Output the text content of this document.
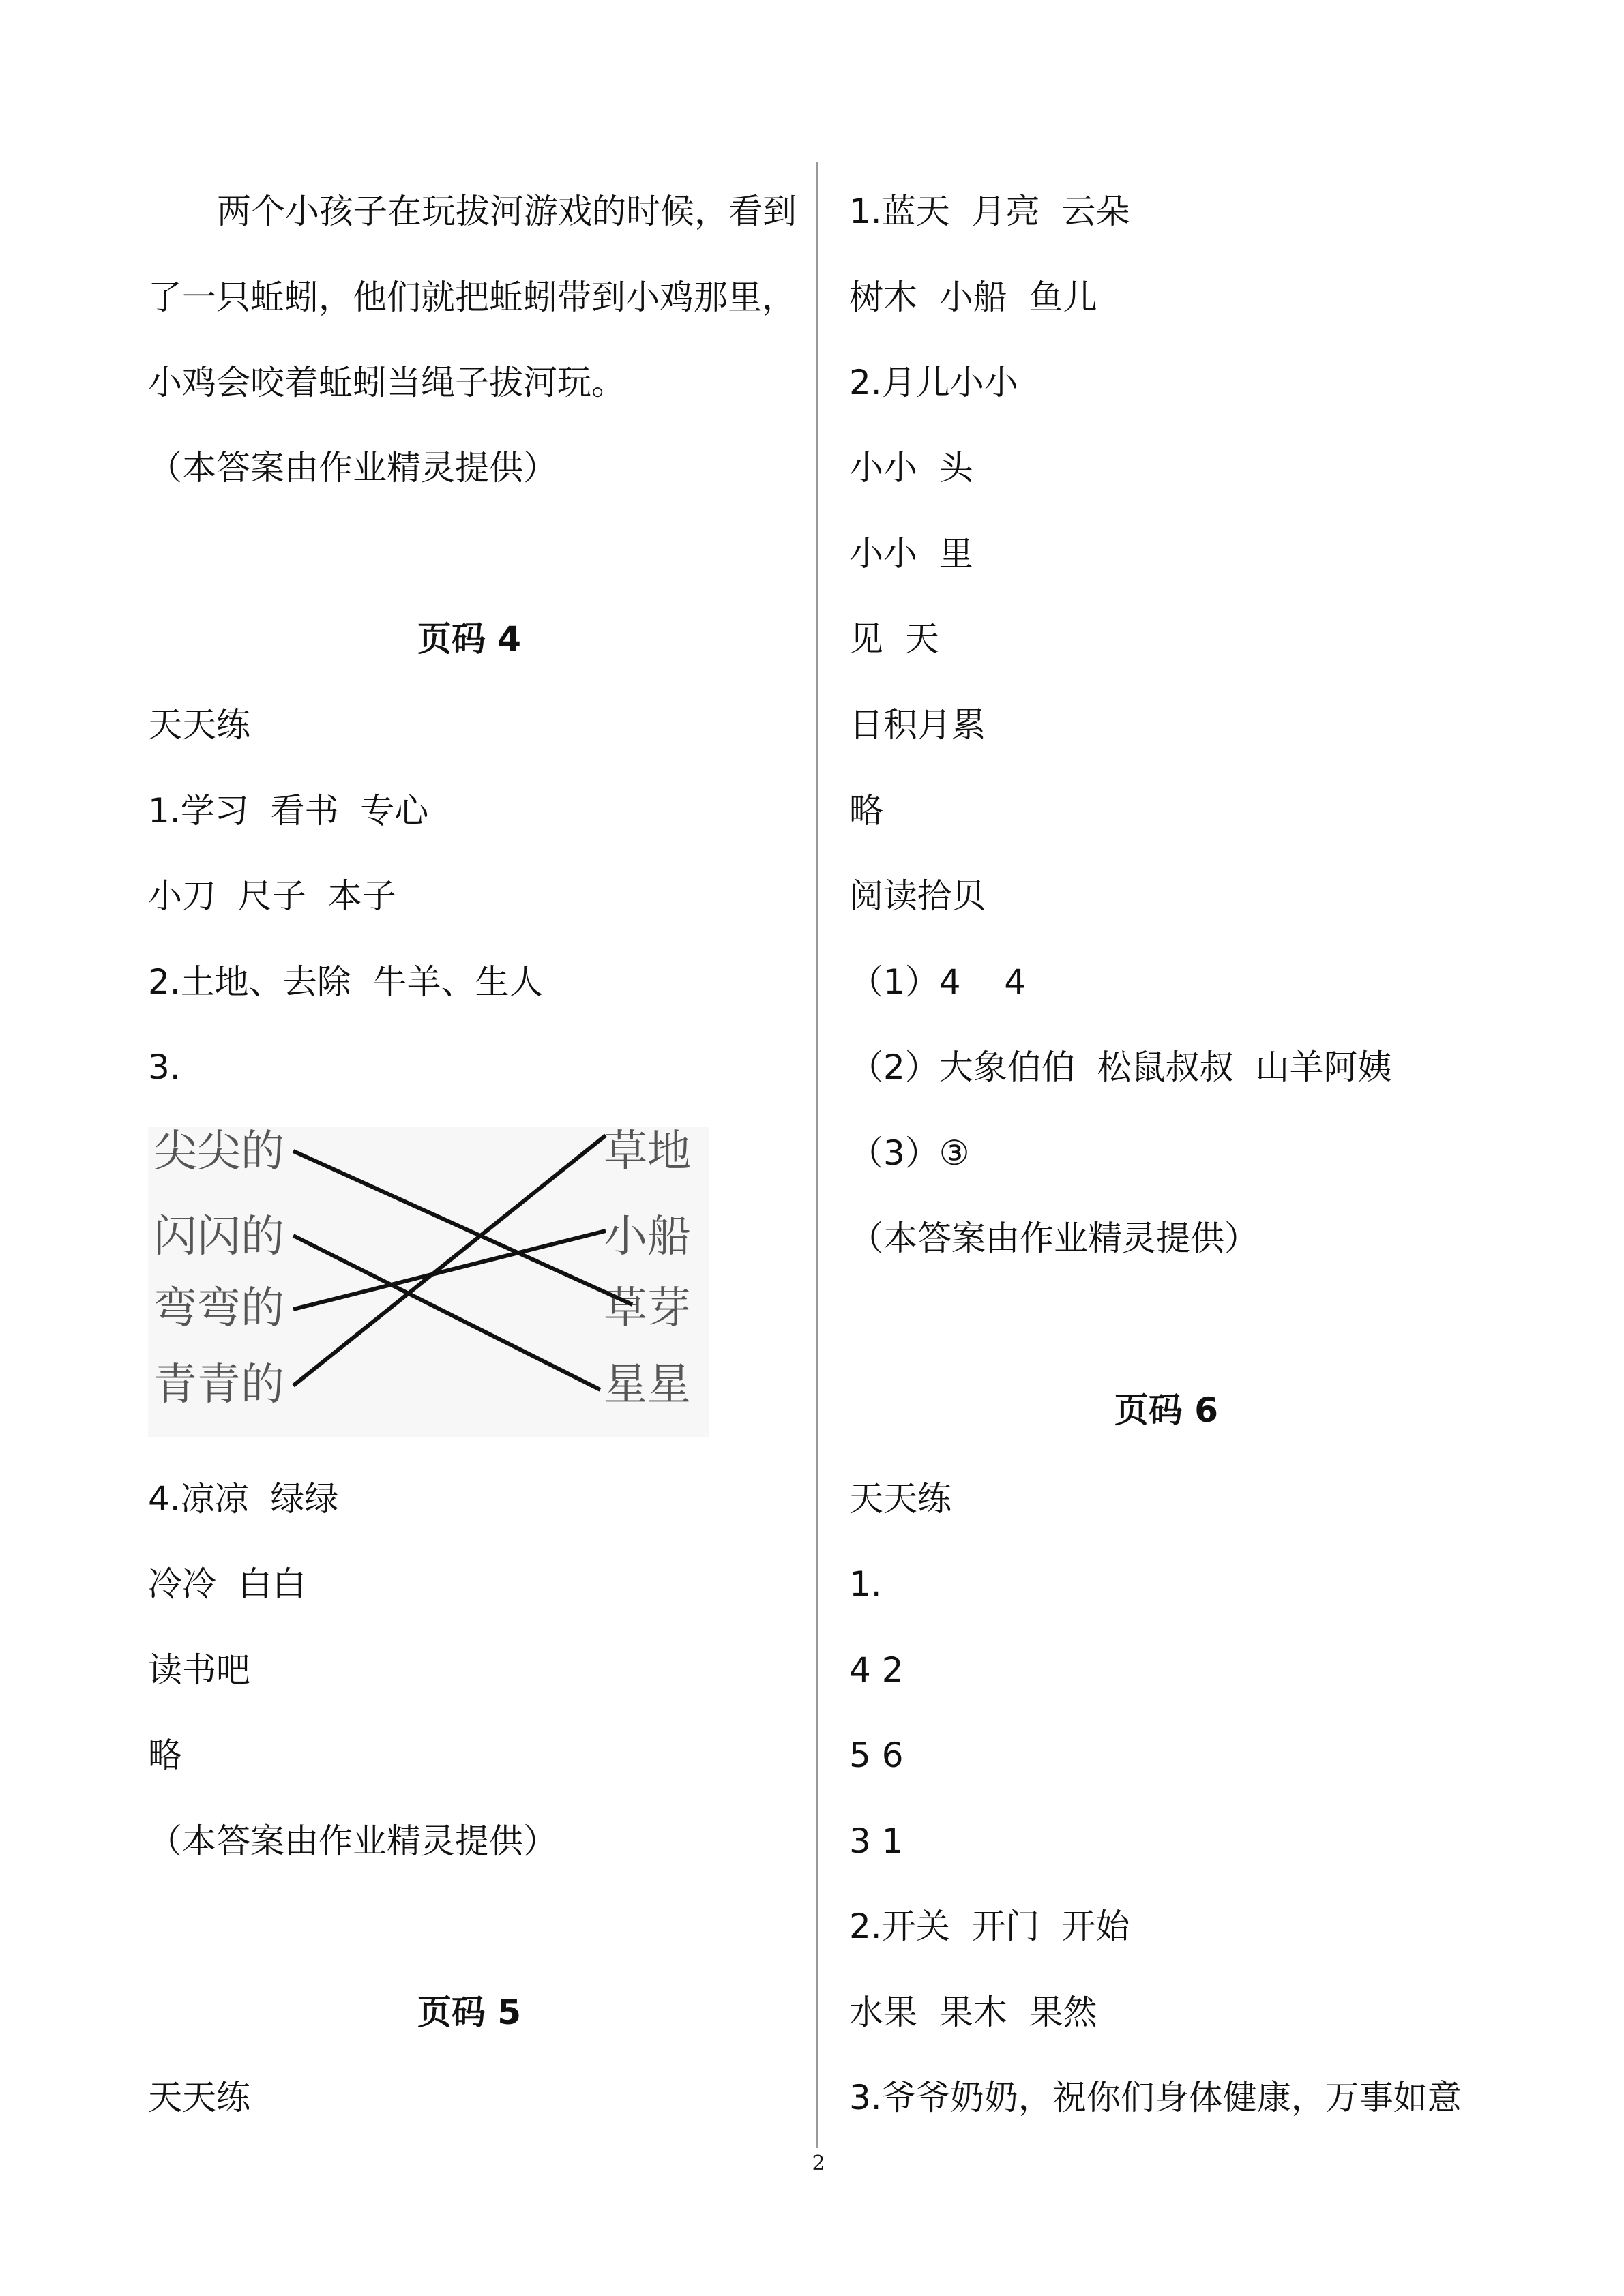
两个小孩子在玩拔河游戏的时候，看到
了一只蚯蚓，他们就把蚯蚓带到小鸡那里，
小鸡会咬着蚯蚓当绳子拔河玩。
（本答案由作业精灵提供）
页码 4
天天练
1.学习  看书  专心
小刀  尺子  本子
2.土地、去除  牛羊、生人
3.
尖尖的
闪闪的
弯弯的
青青的
草地
小船
草芽
星星
4.凉凉  绿绿
冷冷  白白
读书吧
略
（本答案由作业精灵提供）
页码 5
天天练
1.蓝天  月亮  云朵
树木  小船  鱼儿
2.月儿小小
小小  头
小小  里
见  天
日积月累
略
阅读拾贝
（1）4    4
（2）大象伯伯  松鼠叔叔  山羊阿姨
（3）③
（本答案由作业精灵提供）
页码 6
天天练
1.
4 2
5 6
3 1
2.开关  开门  开始
水果  果木  果然
3.爷爷奶奶，祝你们身体健康，万事如意
2
